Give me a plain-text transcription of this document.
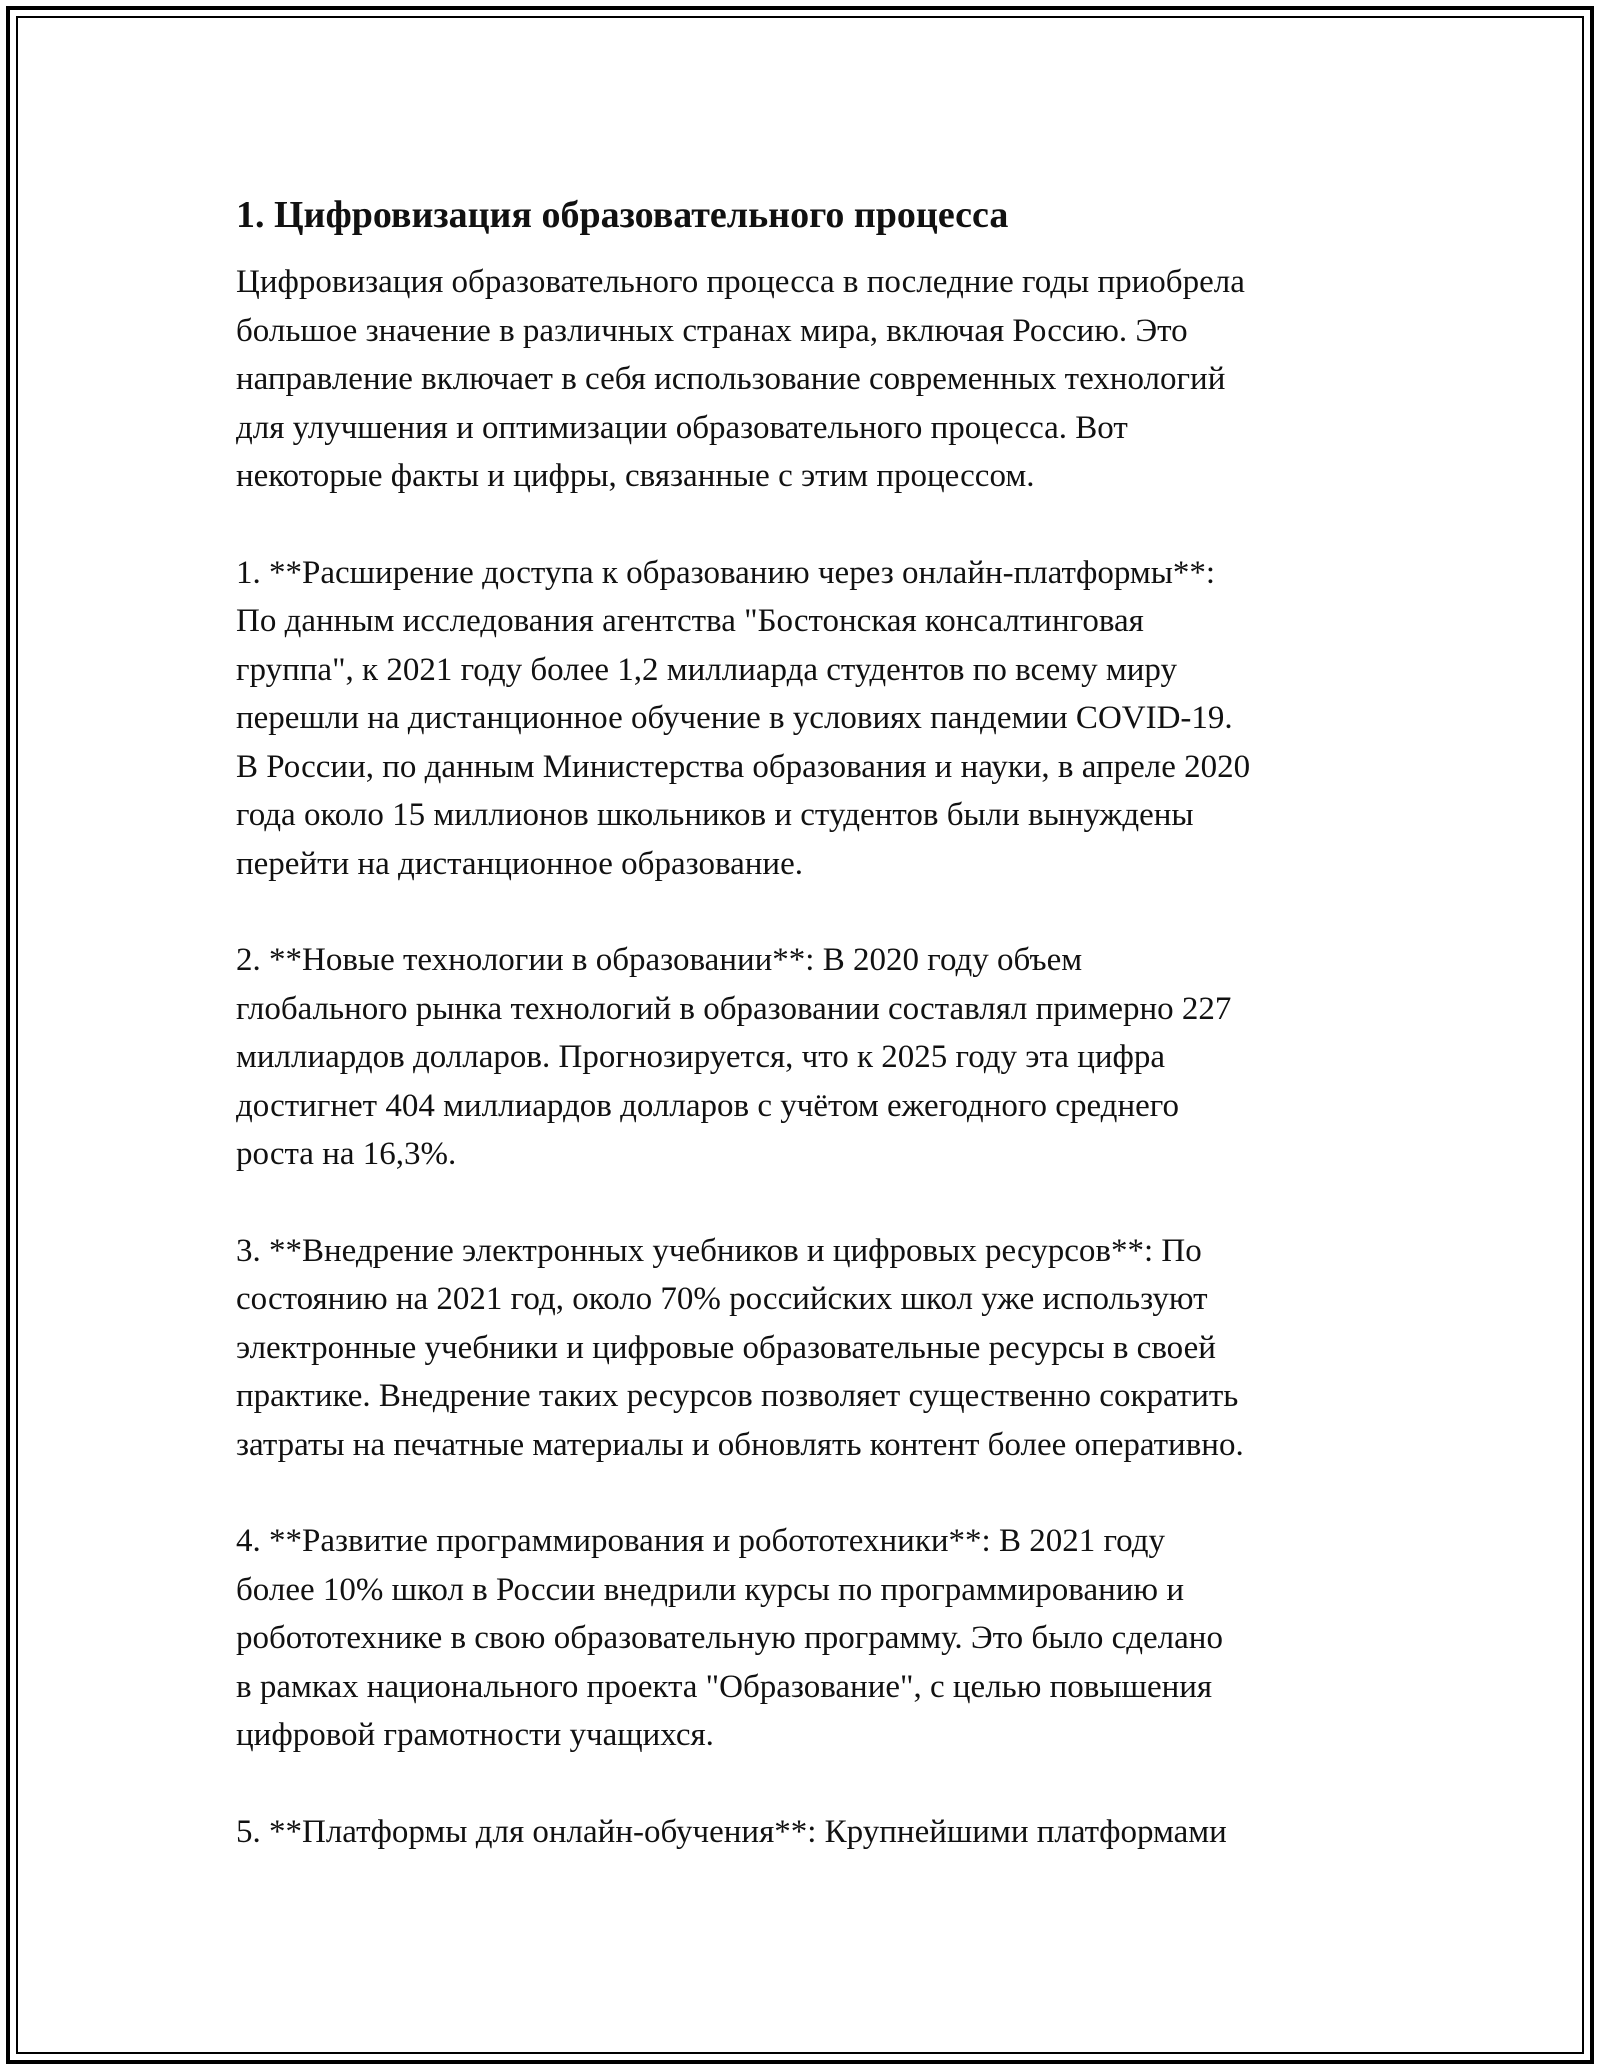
1. Цифровизация образовательного процесса

Цифровизация образовательного процесса в последние годы приобрела
большое значение в различных странах мира, включая Россию. Это
направление включает в себя использование современных технологий
для улучшения и оптимизации образовательного процесса. Вот
некоторые факты и цифры, связанные с этим процессом.

1. **Расширение доступа к образованию через онлайн-платформы**:
По данным исследования агентства "Бостонская консалтинговая
группа", к 2021 году более 1,2 миллиарда студентов по всему миру
перешли на дистанционное обучение в условиях пандемии COVID-19.
В России, по данным Министерства образования и науки, в апреле 2020
года около 15 миллионов школьников и студентов были вынуждены
перейти на дистанционное образование.

2. **Новые технологии в образовании**: В 2020 году объем
глобального рынка технологий в образовании составлял примерно 227
миллиардов долларов. Прогнозируется, что к 2025 году эта цифра
достигнет 404 миллиардов долларов с учётом ежегодного среднего
роста на 16,3%.

3. **Внедрение электронных учебников и цифровых ресурсов**: По
состоянию на 2021 год, около 70% российских школ уже используют
электронные учебники и цифровые образовательные ресурсы в своей
практике. Внедрение таких ресурсов позволяет существенно сократить
затраты на печатные материалы и обновлять контент более оперативно.

4. **Развитие программирования и робототехники**: В 2021 году
более 10% школ в России внедрили курсы по программированию и
робототехнике в свою образовательную программу. Это было сделано
в рамках национального проекта "Образование", с целью повышения
цифровой грамотности учащихся.

5. **Платформы для онлайн-обучения**: Крупнейшими платформами
